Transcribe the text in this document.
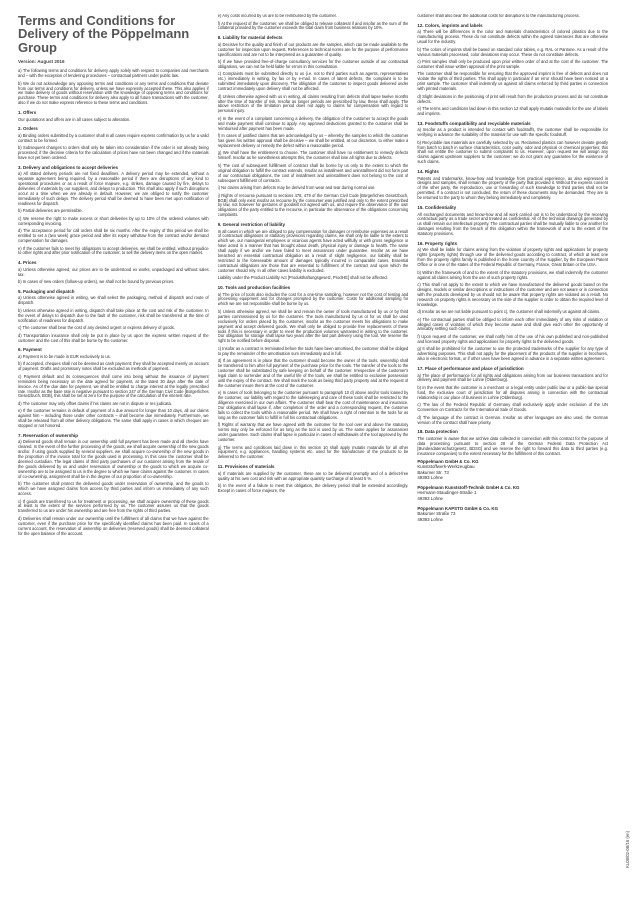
Terms and Conditions for Delivery of the Pöppelmann Group
Version: August 2016

a) The following terms and conditions for delivery apply solely with respect to companies and merchants and – with the exception of tendering procedures – contractual partners under public law.

b) We do not acknowledge any opposing terms and conditions or any terms and conditions that deviate from our terms and conditions for delivery, unless we have expressly accepted these. This also applies if we make delivery of goods without reservation with the knowledge of opposing terms and conditions for purchase. These terms and conditions for delivery also apply to all future transactions with the customer, also if we do not make express reference to these terms and conditions.

1. Offers

Our quotations and offers are in all cases subject to alteration.

2. Orders

a) Binding orders submitted by a customer shall in all cases require express confirmation by us for a valid contract to be formed.

b) Subsequent changes to orders shall only be taken into consideration if the order is not already being processed; if the decisive criteria for the calculation of prices have not been changed and if the materials have not yet been ordered.

3. Delivery and obligations to accept deliveries

a) All stated delivery periods are not fixed deadlines. A delivery period may be extended, without a separate agreement being required, by a reasonable period if there are disruptions of any kind to operational procedures or as a result of force majeure, e.g. strikes, damage caused by fire, delays to deliveries of materials by our suppliers, and delays to production. This shall also apply if such disruptions occur at a time when we are already in default. However, we are obliged to notify the customer immediately of such delays. The delivery period shall be deemed to have been met upon notification of readiness for dispatch.

b) Partial deliveries are permissible.

c) We reserve the right to make excess or short deliveries by up to 10% of the ordered volumes with corresponding invoicing.

d) The acceptance period for call orders shall be six months. After the expiry of this period we shall be entitled to set a (two week) grace period and after its expiry withdraw from the contract and/or demand compensation for damages.

e) If the customer fails to meet his obligations to accept deliveries, we shall be entitled, without prejudice to other rights and after prior notification of the customer, to sell the delivery items on the open market.

4. Prices

a) Unless otherwise agreed, our prices are to be understood ex works, unpackaged and without sales tax.

b) In cases of new orders (follow-up orders), we shall not be bound by previous prices.

5. Packaging and dispatch

a) Unless otherwise agreed in writing, we shall select the packaging, method of dispatch and route of dispatch.

b) Unless otherwise agreed in writing, dispatch shall take place at the cost and risk of the customer. In the event of delays to dispatch due to the fault of the customer, risk shall be transferred at the time of notification of readiness for dispatch.

c) The customer shall bear the cost of any desired urgent or express delivery of goods.

d) Transportation insurance shall only be put in place by us upon the express written request of the customer and the cost of this shall be borne by the customer.

6. Payment

a) Payment is to be made in EUR exclusively to us.

b) If accepted, cheques shall not be deemed as cash payment; they shall be accepted merely on account of payment. Drafts and promissory notes shall be excluded as methods of payment.

c) Payment default and its consequences shall come into being without the issuance of payment reminders being necessary on the date agreed for payment, at the latest 30 days after the date of invoice. As of the due date for payment, we shall be entitled to charge interest at the legally prescribed rate. Insofar as the base rate is negative pursuant to section 247 of the German Civil Code [Bürgerliches Gesetzbuch, BGB], this shall be set at zero for the purpose of the calculation of the interest rate.

d) The customer may only offset claims if his claims are not in dispute or res judicata.

e) If the customer remains in default of payment of a due amount for longer than 10 days, all our claims against him – including those under other contracts – shall become due immediately. Furthermore, we shall be released from all other delivery obligations. The same shall apply in cases in which cheques are stopped or not honored.

7. Reservation of ownership

a) Delivered goods shall remain in our ownership until full payment has been made and all checks have cleared. In the event of the further processing of the goods, we shall acquire ownership of the new goods and/or, if using goods supplied by several suppliers, we shall acquire co-ownership of the new goods in the proportion of the invoice total for the goods used in processing. In this case the customer shall be deemed custodian. The legal claims of third party purchasers of our customer arising from the resale of the goods delivered by us and under reservation of ownership or the goods to which we acquire co-ownership are to be assigned to us in the degree to which we have claims against the customer. In cases of co-ownership, assignment shall be in the degree of our proportion of co-ownership.

b) The customer shall protect the delivered goods under reservation of ownership, and the goods to which we have assigned claims from access by third parties and inform us immediately of any such access.

c) If goods are transferred to us for treatment or processing, we shall acquire ownership of these goods at least to the extent of the services performed by us. The customer assures us that the goods transferred to us are under his ownership and are free from the rights of third parties.

d) Deliveries shall remain under our ownership until the fulfillment of all claims that we have against the customer, even if the purchase price for the specifically identified claims has been paid. In cases of a current account, the reservation of ownership on deliveries (reserved goods) shall be deemed collateral for the open balance of the account.

e) Any costs incurred by us are to be reimbursed by the customer.

f) At the request of the customer, we shall be obliged to release collateral if and insofar as the sum of the collateral provided by the customer exceeds the total claim from business relations by 10%.

8. Liability for material defects

a) Decisive for the quality and finish of our products are the samples, which can be made available to the customer for inspection upon request. References to technical norms are for the purpose of performance specifications and are not to be interpreted as a guarantee of quality.

b) If we have provided free-of-charge consultancy services for the customer outside of our contractual obligations, we can not be held liable for errors in this consultation.

c) Complaints must be submitted directly to us (i.e. not to third parties such as agents, representatives etc.) immediately in writing, by fax or by e-mail. In cases of latent defects, the complaint is to be submitted immediately upon discovery. The obligation of the customer to inspect goods delivered under contract immediately upon delivery shall not be affected.

d) Unless otherwise agreed with us in writing, all claims resulting from defects shall lapse twelve months after the time of transfer of risk. Insofar as longer periods are prescribed by law, these shall apply. The above restriction of the limitation period does not apply to claims for compensation with regard to personal injury.

e) In the event of a complaint concerning a delivery, the obligation of the customer to accept the goods and make payment shall continue to apply. Any approved deductions granted to the customer shall be reimbursed after payment has been made.

f) In cases of justified claims that are acknowledged by us – whereby the samples to which the customer has given his written approval shall be decisive – we shall be entitled, at our discretion, to either make a replacement delivery or remedy the defect within a reasonable period.

g) We shall have the entitlement to choose. The customer shall have no entitlement to remedy defects himself. Insofar as he nonetheless attempts this, the customer shall lose all rights due to defects.

h) The cost of subsequent fulfillment of contract shall be borne by us only to the extent to which the original obligation to fulfill the contract extends. Insofar as installment and uninstallment did not form part of our contractual obligations, the cost of installment and uninstallment does not belong to the cost of subsequent fulfillment of contracts.

i) No claims arising from defects may be derived from wear and tear during normal use.

j) Rights of recourse pursuant to sections 478, 479 of the German Civil Code [Bürgerliches Gesetzbuch, BGB] shall only exist insofar as recourse by the consumer was justified and only to the extent prescribed by law, not however for gestures of goodwill not agreed with us, and require the observance of the own obligations of the party entitled to the recourse, in particular the observance of the obligations concerning complaints.

9. General restriction of liability

In all cases in which we are obliged to pay compensation for damages or reimburse expenses as a result of contractual obligations or statutory provisions regarding claims, we shall only be liable to the extent to which we, our managerial employees or vicarious agents have acted willfully or with gross negligence or have acted in a manner that has brought about death, physical injury or damage to health. The same shall apply if we and/or we have failed to meet assurances under guarantee. Insofar as we have breached an essential contractual obligation as a result of slight negligence, our liability shall be restricted to the foreseeable amount of damages typically incurred in comparable cases. Essential contractual obligations are those that are essential to fulfillment of the contract and upon which the customer should rely. In all other cases liability is excluded.

Liability under the Product Liability Act [Produkthaftungsgesetz, ProdHG] shall not be affected.

10. Tools and production facilities

a) The price of tools also includes the cost for a one-time sampling, however not the cost of testing and processing equipment and for changes prompted by the customer. Costs for additional sampling for which we are not responsible shall be borne by us.

b) Unless otherwise agreed, we shall be and remain the owner of tools manufactured by us or by third parties commissioned by us for the customer. The tools manufactured by us or for us shall be used exclusively for orders placed by the customer, insofar as the customer meets his obligations to make payment and accept delivered goods. We shall only be obliged to provide free replacements of these tools if this is necessary in order to meet the production volumes warranted in writing to the customer. Our obligation for storage shall lapse two years after the last part delivery using the tool. We reserve the right to be notified before disposal.

c) Insofar as a contract is terminated before the tools have been amortised, the customer shall be obliged to pay the remainder of the amortisation sum immediately and in full.

d) If an agreement is in place that the customer should become the owner of the tools, ownership shall be transferred to him after full payment of the purchase price for the tools. The transfer of the tools to the customer shall be substituted by safe keeping on behalf of the customer. Irrespective of the customer's legal claim to surrender and of the useful life of the tools, we shall be entitled to exclusive possession until the expiry of the contract. We shall mark the tools as being third party property and at the request of the customer insure them at the cost of the customer.

e) In cases of tools belonging to the customer pursuant to paragraph 10 d) above and/or tools loaned by the customer, our liability with regard to the safekeeping and care of these tools shall be restricted to the diligence exercised in our own affairs. The customer shall bear the cost of maintenance and insurance. Our obligations shall lapse if, after completion of the order and a corresponding request, the customer fails to collect the tools within a reasonable period. We shall have a right of retention to the tools for as long as the customer fails to fulfill in full his contractual obligations.

f) Rights of warranty that we have agreed with the customer for the tool over and above the statutory norms may only be enforced for as long as the tool is used by us. The same applies for assurances under guarantee. Such claims shall lapse in particular in cases of withdrawals of the tool approved by the customer.

g) The terms and conditions laid down in this section 10 shall apply mutatis mutandis for all other equipment, e.g. appliances, handling systems etc. used for the manufacture of the products to be delivered to the customer.

11. Provisions of materials

a) If materials are supplied by the customer, these are to be delivered promptly and of a defect-free quality at his own cost and risk with an appropriate quantity surcharge of at least 5 %.

b) In the event of a failure to meet this obligation, the delivery period shall be extended accordingly. Except in cases of force majeure, the

customer shall also bear the additional costs for disruptions to the manufacturing process.

12. Colors, imprints and labels

a) There will be differences in the color and materials characteristics of colored plastics due to the manufacturing process. These do not constitute defects within the agreed tolerances that are otherwise usual for the industry.

b) The colors of imprints shall be based on standard color tables, e.g. RAL or Pantone. As a result of the various materials processed, color deviations may occur. These do not constitute defects.

c) Print samples shall only be produced upon prior written order of and at the cost of the customer. The customer shall issue written approval of the print sample.

The customer shall be responsible for ensuring that the approved imprint is free of defects and does not violate the rights of third parties. This shall apply in particular if an error should have been noticed on a print sample. The customer shall indemnify us against all claims enforced by third parties in connection with printed materials.

d) Slight deviations in the positioning of print will result from the production process and do not constitute defects.

e) The terms and conditions laid down in this section 12 shall apply mutatis mutandis for the use of labels and imprints.

13. Foodstuffs compatibility and recyclable materials

a) Insofar as a product is intended for contact with foodstuffs, the customer shall be responsible for verifying in advance the suitability of the material for use with the specific foodstuff.

b) Recyclable raw materials are carefully selected by us. Reclaimed plastics can however deviate greatly from batch to batch in surface characteristics, color purity, odor and physical or chemical properties; this shall not entitle the customer to submit complaints to us. However, upon request we will assign any claims against upstream suppliers to the customer; we do not grant any guarantee for the existence of such claims.

14. Rights

Patents and trademarks, know-how and knowledge from practical experience, as also expressed in designs and samples, shall remain the property of the party that provided it. Without the express consent of the other party, the reproduction, use or forwarding of such knowledge to third parties shall not be permitted. If a contract is not concluded, the return of these documents may be demanded. They are to be returned to the party to whom they belong immediately and completely.

15. Confidentiality

All exchanged documents and know-how and all work carried out is to be understood by the receiving contractual party as a trade secret and treated as confidential. All of the technical drawings generated by us shall remain our intellectual property. The contractual parties shall be mutually liable to one another for damages resulting from the breach of this obligation within the framework of and to the extent of the statutory provisions.

16. Property rights

a) We shall be liable for claims arising from the violation of property rights and applications for property rights (property rights) through use of the delivered goods according to contract, of which at least one from the property rights family is published in the home country of the supplier, by the European Patent Office or in one of the states of the Federal Republic of Germany, France, Great Britain or the USA.

b) Within the framework of and to the extent of the statutory provisions, we shall indemnify the customer against all claims arising from the use of such property rights.

c) This shall not apply to the extent to which we have manufactured the delivered goods based on the designs, models or similar descriptions or instructions of the customer and are not aware or in connection with the products developed by us should not be aware that property rights are violated as a result. No research on property rights is necessary on the side of the supplier in order to obtain the required level of knowledge.

d) Insofar as we are not liable pursuant to point c), the customer shall indemnify us against all claims.

e) The contractual parties shall be obliged to inform each other immediately of any risks of violation or alleged cases of violation of which they become aware and shall give each other the opportunity of amicably settling such claims.

f) Upon request of the customer, we shall notify him of the use of his own published and non-published and licensed property rights and applications for property rights to the delivered goods.

g) It shall be prohibited for the customer to use the protected trademarks of the supplier for any type of advertising purposes. This shall not apply for the placement of the products of the supplier in brochures, also in electronic format, or if other uses have been agreed in advance in a separate written agreement.

17. Place of performance and place of jurisdiction

a) The place of performance for all rights and obligations arising from our business transactions and for delivery and payment shall be Lohne (Oldenburg).

b) In the event that the customer is a merchant or a legal entity under public law or a public-law special fund, the exclusive court of jurisdiction for all disputes arising in connection with the contractual relationship is our place of business in Lohne (Oldenburg).

c) The law of the Federal Republic of Germany shall exclusively apply under exclusion of the UN Convention on Contracts for the International Sale of Goods.

d) The language of the contract is German. Insofar as other languages are also used, the German version of the contract shall have priority.

18. Data protection

The customer is aware that we archive data collected in connection with this contract for the purpose of data processing pursuant to section 28 of the German Federal Data Protection Act [Bundesdatenschutzgesetz, BDSG] and we reserve the right to forward this data to third parties (e.g. insurance companies) to the extent necessary for the fulfillment of this contract.

Pöppelmann GmbH & Co. KG
Kunststoffwerk-Werkzeugbau
Bakumer Str. 73
49393 Lohne
Pöppelmann Kunststoff-Technik GmbH & Co. KG
Hermann-Staudinger-Straße 1
49393 Lohne
Pöppelmann KAPSTO GmbH & Co. KG
Bakumer Straße 73
49393 Lohne
KL08/02-08/16 (en)
